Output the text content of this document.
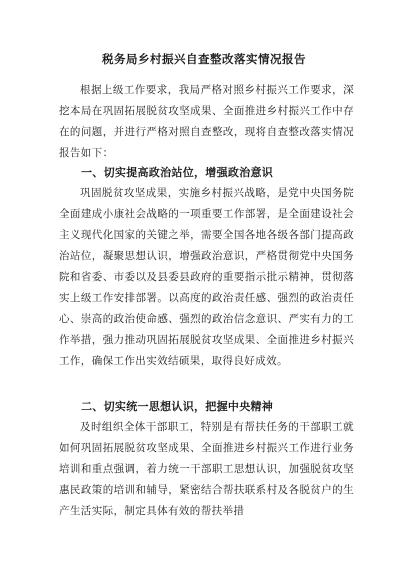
税务局乡村振兴自查整改落实情况报告

根据上级工作要求，我局严格对照乡村振兴工作要求，深挖本局在巩固拓展脱贫攻坚成果、全面推进乡村振兴工作中存在的问题，并进行严格对照自查整改，现将自查整改落实情况报告如下：

一、切实提高政治站位，增强政治意识

巩固脱贫攻坚成果，实施乡村振兴战略，是党中央国务院全面建成小康社会战略的一项重要工作部署，是全面建设社会主义现代化国家的关键之举，需要全国各地各级各部门提高政治站位，凝聚思想认识，增强政治意识，严格贯彻党中央国务院和省委、市委以及县委县政府的重要指示批示精神，贯彻落实上级工作安排部署。以高度的政治责任感、强烈的政治责任心、崇高的政治使命感、强烈的政治信念意识、严实有力的工作举措，强力推动巩固拓展脱贫攻坚成果、全面推进乡村振兴工作，确保工作出实效结硕果，取得良好成效。

二、切实统一思想认识，把握中央精神

及时组织全体干部职工，特别是有帮扶任务的干部职工就如何巩固拓展脱贫攻坚成果、全面推进乡村振兴工作进行业务培训和重点强调，着力统一干部职工思想认识，加强脱贫攻坚惠民政策的培训和辅导，紧密结合帮扶联系村及各脱贫户的生产生活实际，制定具体有效的帮扶举措
